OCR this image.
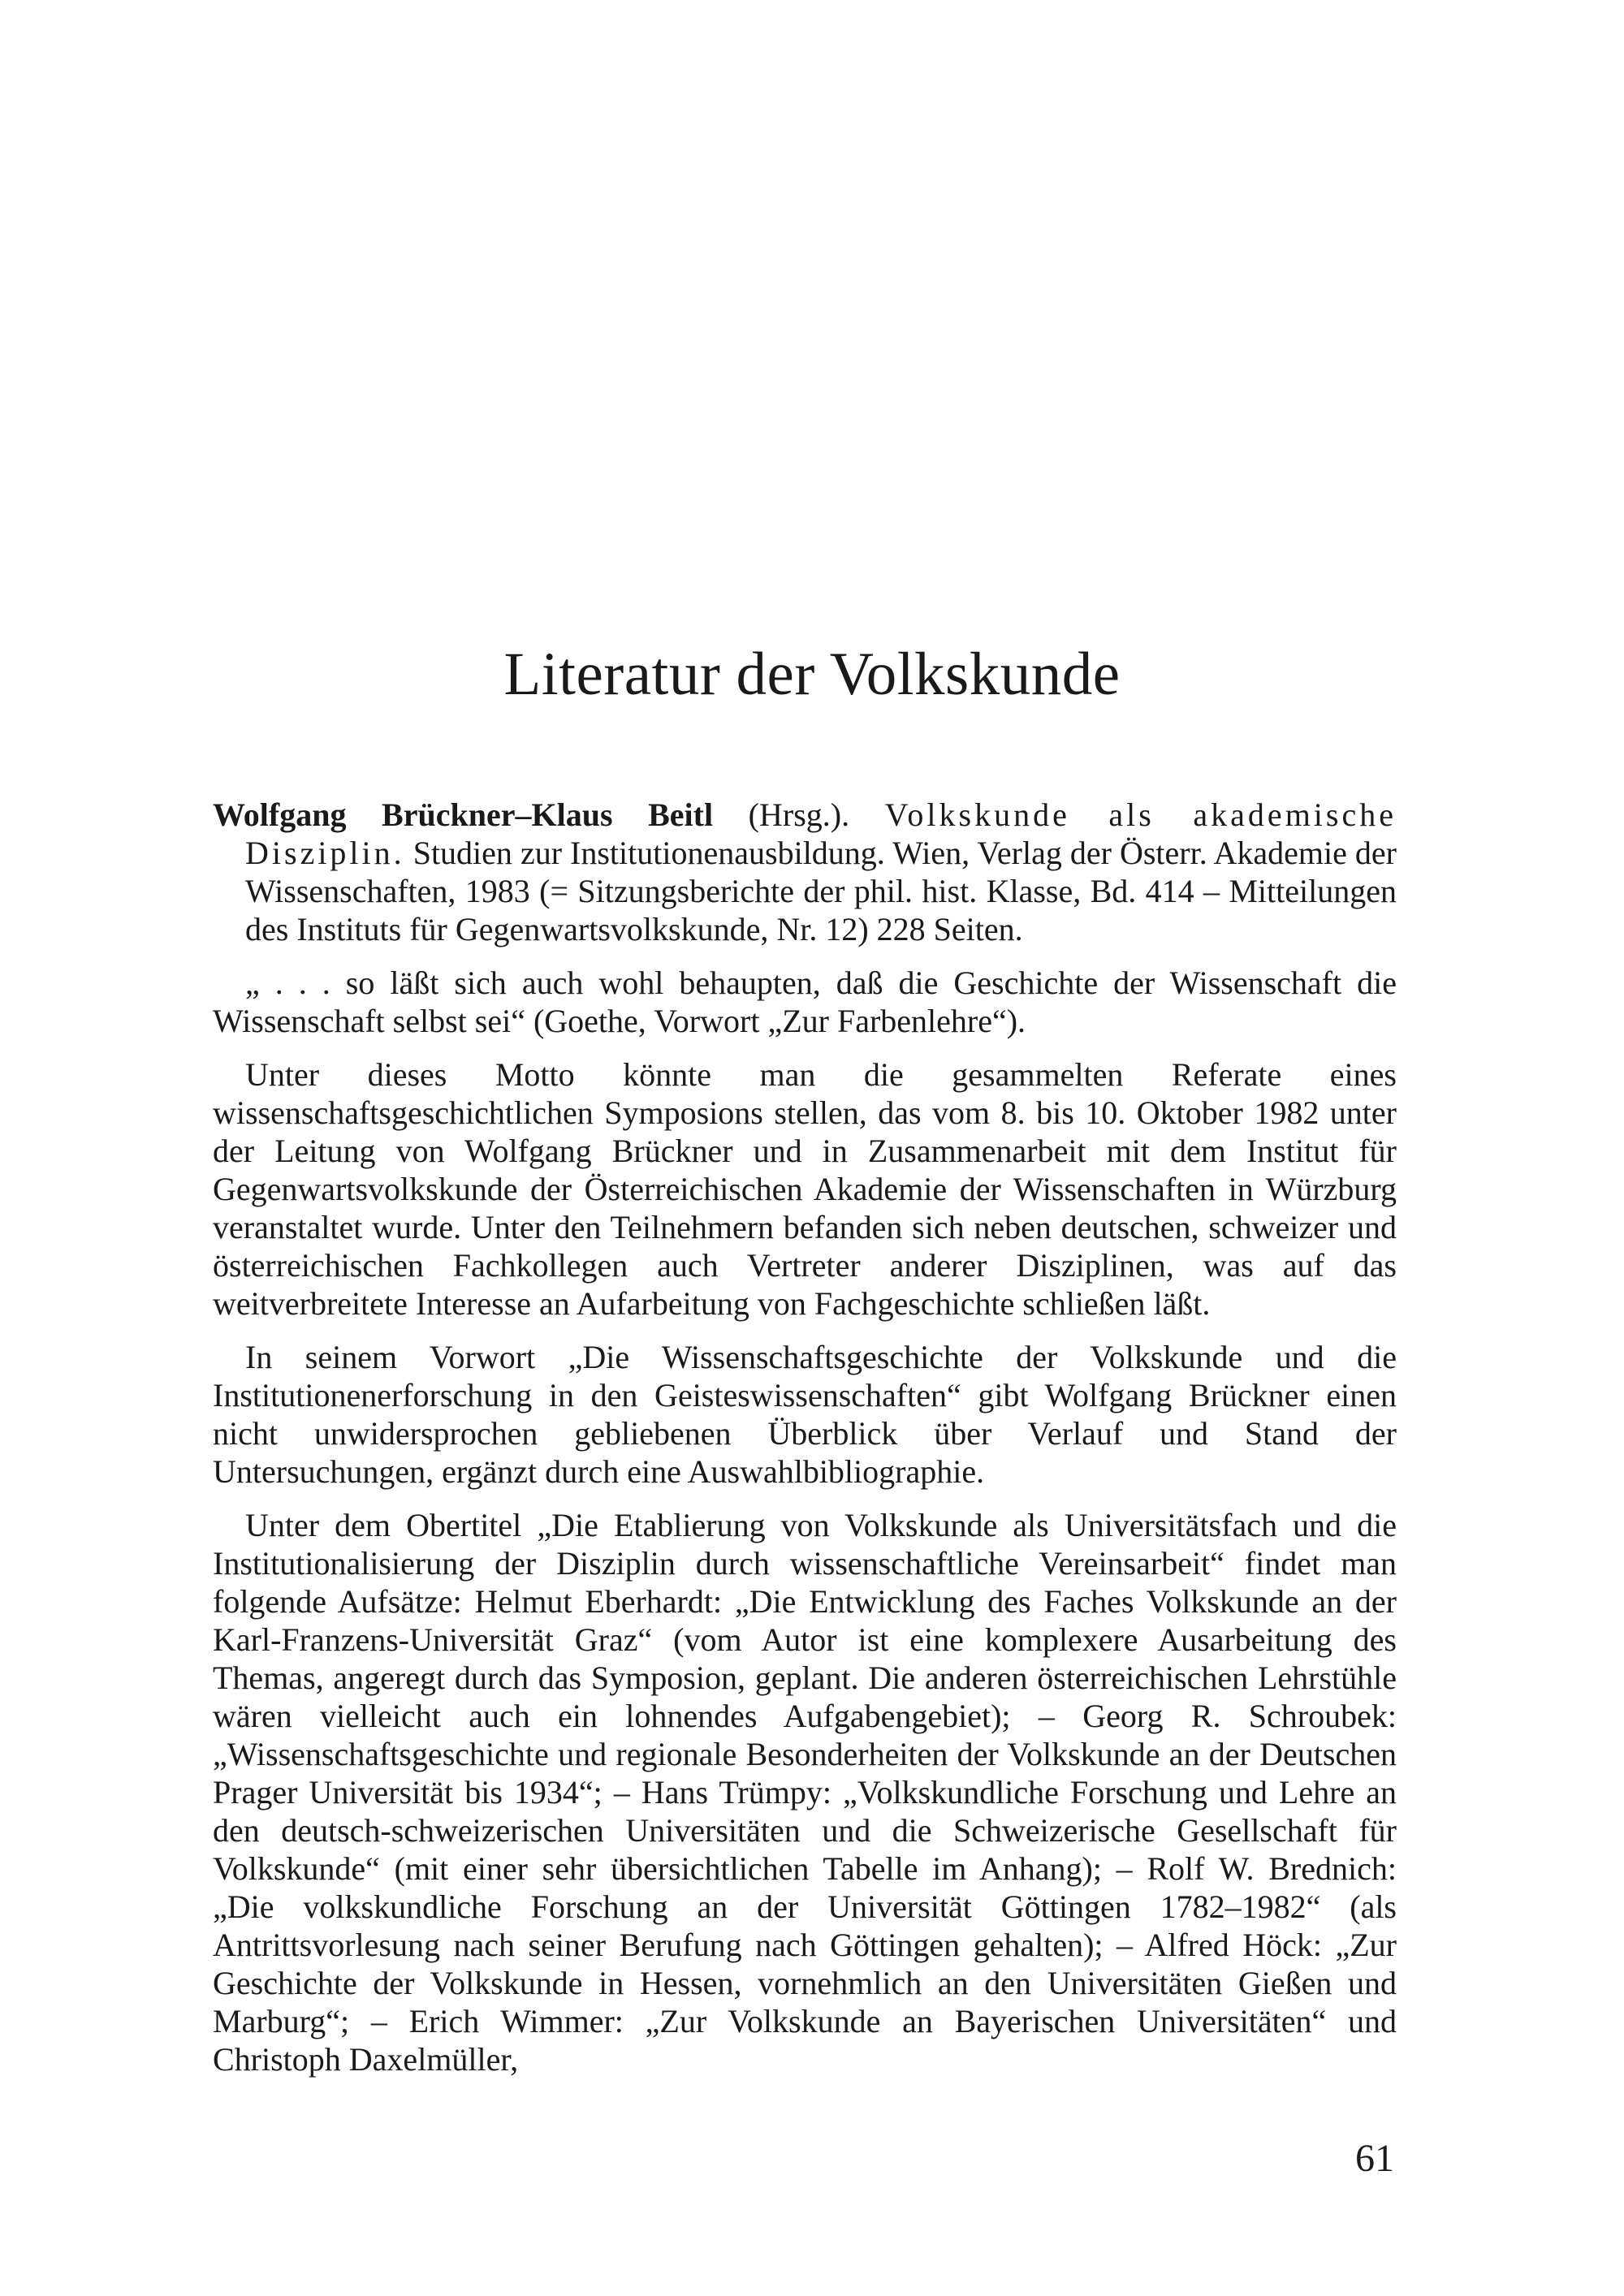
Literatur der Volkskunde

Wolfgang Brückner–Klaus Beitl (Hrsg.). Volkskunde als akademische Disziplin. Studien zur Institutionenausbildung. Wien, Verlag der Österr. Akademie der Wissenschaften, 1983 (= Sitzungsberichte der phil. hist. Klasse, Bd. 414 – Mitteilungen des Instituts für Gegenwartsvolkskunde, Nr. 12) 228 Seiten.

„ . . . so läßt sich auch wohl behaupten, daß die Geschichte der Wissenschaft die Wissenschaft selbst sei“ (Goethe, Vorwort „Zur Farbenlehre“).

Unter dieses Motto könnte man die gesammelten Referate eines wissenschaftsgeschichtlichen Symposions stellen, das vom 8. bis 10. Oktober 1982 unter der Leitung von Wolfgang Brückner und in Zusammenarbeit mit dem Institut für Gegenwartsvolkskunde der Österreichischen Akademie der Wissenschaften in Würzburg veranstaltet wurde. Unter den Teilnehmern befanden sich neben deutschen, schweizer und österreichischen Fachkollegen auch Vertreter anderer Disziplinen, was auf das weitverbreitete Interesse an Aufarbeitung von Fachgeschichte schließen läßt.

In seinem Vorwort „Die Wissenschaftsgeschichte der Volkskunde und die Institutionenerforschung in den Geisteswissenschaften“ gibt Wolfgang Brückner einen nicht unwidersprochen gebliebenen Überblick über Verlauf und Stand der Untersuchungen, ergänzt durch eine Auswahlbibliographie.

Unter dem Obertitel „Die Etablierung von Volkskunde als Universitätsfach und die Institutionalisierung der Disziplin durch wissenschaftliche Vereinsarbeit“ findet man folgende Aufsätze: Helmut Eberhardt: „Die Entwicklung des Faches Volkskunde an der Karl-Franzens-Universität Graz“ (vom Autor ist eine komplexere Ausarbeitung des Themas, angeregt durch das Symposion, geplant. Die anderen österreichischen Lehrstühle wären vielleicht auch ein lohnendes Aufgabengebiet); – Georg R. Schroubek: „Wissenschaftsgeschichte und regionale Besonderheiten der Volkskunde an der Deutschen Prager Universität bis 1934“; – Hans Trümpy: „Volkskundliche Forschung und Lehre an den deutsch-schweizerischen Universitäten und die Schweizerische Gesellschaft für Volkskunde“ (mit einer sehr übersichtlichen Tabelle im Anhang); – Rolf W. Brednich: „Die volkskundliche Forschung an der Universität Göttingen 1782–1982“ (als Antrittsvorlesung nach seiner Berufung nach Göttingen gehalten); – Alfred Höck: „Zur Geschichte der Volkskunde in Hessen, vornehmlich an den Universitäten Gießen und Marburg“; – Erich Wimmer: „Zur Volkskunde an Bayerischen Universitäten“ und Christoph Daxelmüller,

61
